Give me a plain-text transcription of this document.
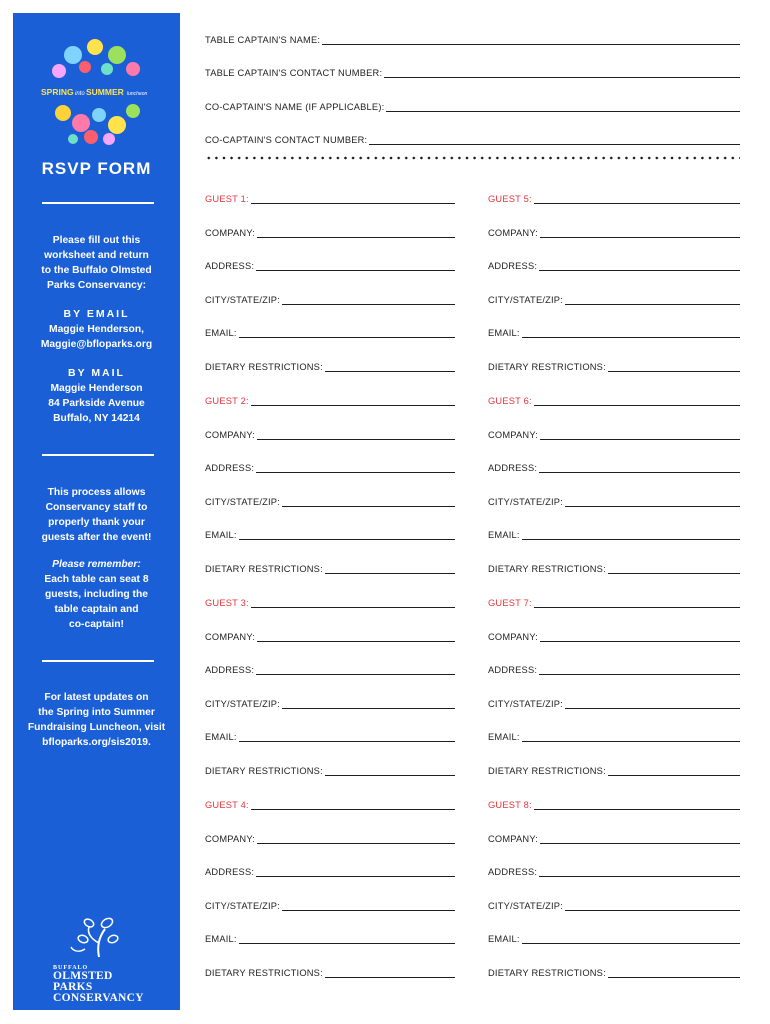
SPRING into SUMMER luncheon
RSVP FORM
Please fill out this
worksheet and return
to the Buffalo Olmsted
Parks Conservancy:
BY EMAIL
Maggie Henderson,
Maggie@bfloparks.org
BY MAIL
Maggie Henderson
84 Parkside Avenue
Buffalo, NY 14214
This process allows
Conservancy staff to
properly thank your
guests after the event!
Please remember:
Each table can seat 8
guests, including the
table captain and
co-captain!
For latest updates on
the Spring into Summer
Fundraising Luncheon, visit
bfloparks.org/sis2019.
BUFFALO
OLMSTED PARKS
CONSERVANCY
TABLE CAPTAIN'S NAME:
TABLE CAPTAIN'S CONTACT NUMBER:
CO-CAPTAIN'S NAME (IF APPLICABLE):
CO-CAPTAIN'S CONTACT NUMBER:
GUEST 1:
COMPANY:
ADDRESS:
CITY/STATE/ZIP:
EMAIL:
DIETARY RESTRICTIONS:
GUEST 2:
COMPANY:
ADDRESS:
CITY/STATE/ZIP:
EMAIL:
DIETARY RESTRICTIONS:
GUEST 3:
COMPANY:
ADDRESS:
CITY/STATE/ZIP:
EMAIL:
DIETARY RESTRICTIONS:
GUEST 4:
COMPANY:
ADDRESS:
CITY/STATE/ZIP:
EMAIL:
DIETARY RESTRICTIONS:
GUEST 5:
COMPANY:
ADDRESS:
CITY/STATE/ZIP:
EMAIL:
DIETARY RESTRICTIONS:
GUEST 6:
COMPANY:
ADDRESS:
CITY/STATE/ZIP:
EMAIL:
DIETARY RESTRICTIONS:
GUEST 7:
COMPANY:
ADDRESS:
CITY/STATE/ZIP:
EMAIL:
DIETARY RESTRICTIONS:
GUEST 8:
COMPANY:
ADDRESS:
CITY/STATE/ZIP:
EMAIL:
DIETARY RESTRICTIONS:
